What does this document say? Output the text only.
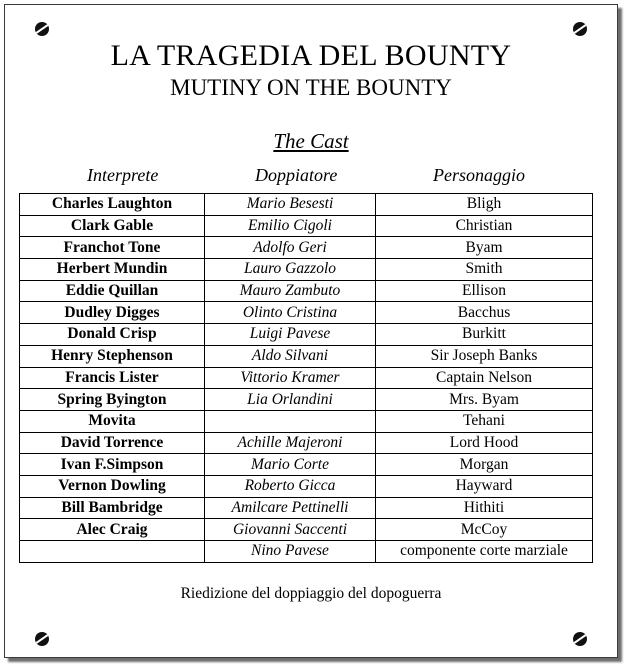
LA TRAGEDIA DEL BOUNTY
MUTINY ON THE BOUNTY
The Cast
Interprete	Doppiatore	Personaggio
Charles Laughton	Mario Besesti	Bligh
Clark Gable	Emilio Cigoli	Christian
Franchot Tone	Adolfo Geri	Byam
Herbert Mundin	Lauro Gazzolo	Smith
Eddie Quillan	Mauro Zambuto	Ellison
Dudley Digges	Olinto Cristina	Bacchus
Donald Crisp	Luigi Pavese	Burkitt
Henry Stephenson	Aldo Silvani	Sir Joseph Banks
Francis Lister	Vittorio Kramer	Captain Nelson
Spring Byington	Lia Orlandini	Mrs. Byam
Movita		Tehani
David Torrence	Achille Majeroni	Lord Hood
Ivan F.Simpson	Mario Corte	Morgan
Vernon Dowling	Roberto Gicca	Hayward
Bill Bambridge	Amilcare Pettinelli	Hithiti
Alec Craig	Giovanni Saccenti	McCoy
	Nino Pavese	componente corte marziale
Riedizione del doppiaggio del dopoguerra
